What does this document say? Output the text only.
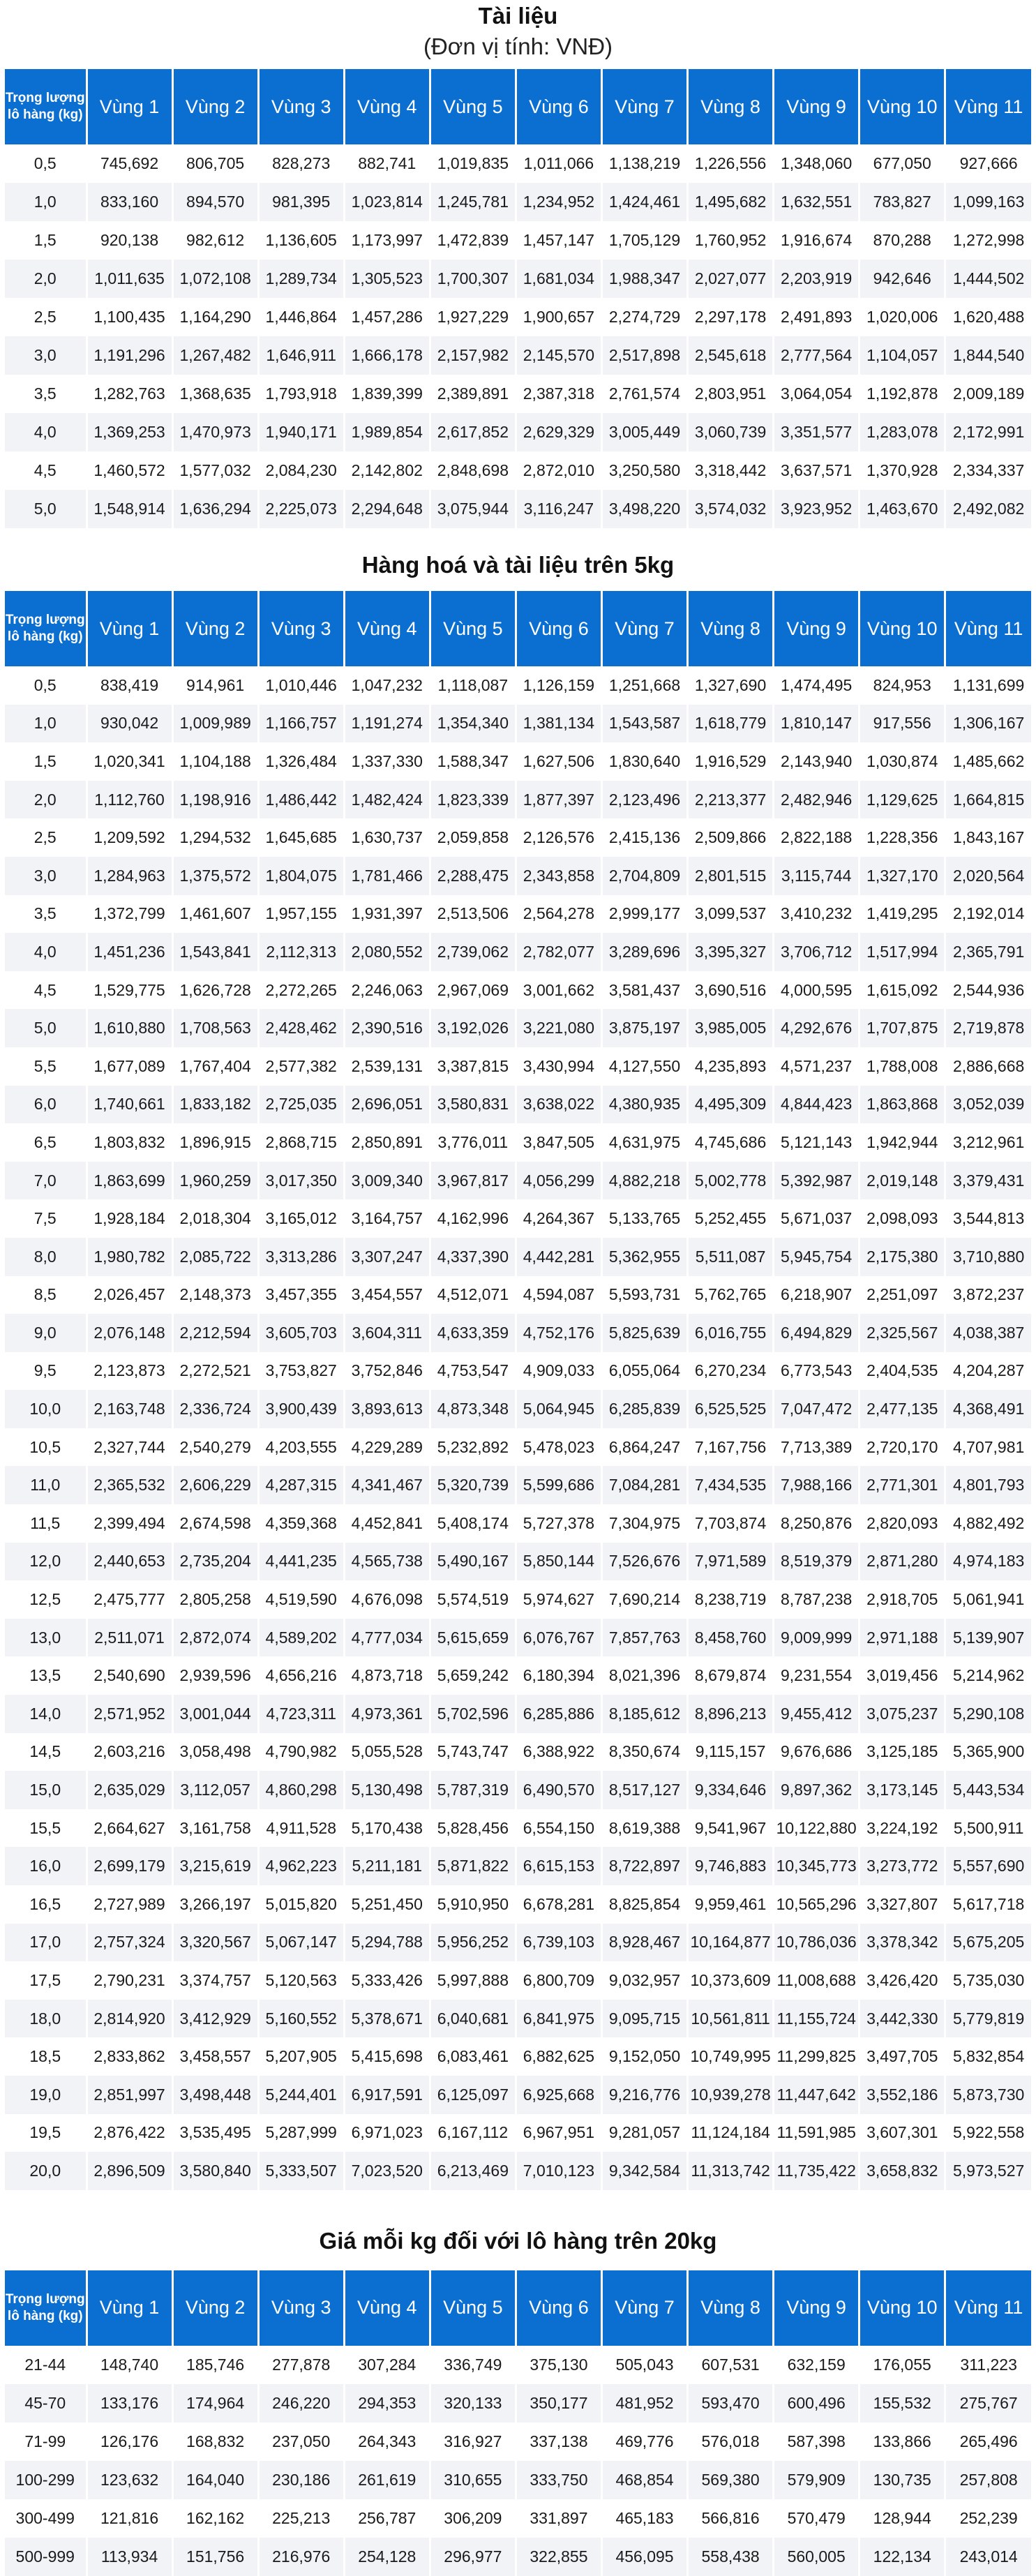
Tài liệu

(Đơn vị tính: VNĐ)

Trọng lượng lô hàng (kg)	Vùng 1	Vùng 2	Vùng 3	Vùng 4	Vùng 5	Vùng 6	Vùng 7	Vùng 8	Vùng 9	Vùng 10	Vùng 11
0,5	745,692	806,705	828,273	882,741	1,019,835	1,011,066	1,138,219	1,226,556	1,348,060	677,050	927,666
1,0	833,160	894,570	981,395	1,023,814	1,245,781	1,234,952	1,424,461	1,495,682	1,632,551	783,827	1,099,163
1,5	920,138	982,612	1,136,605	1,173,997	1,472,839	1,457,147	1,705,129	1,760,952	1,916,674	870,288	1,272,998
2,0	1,011,635	1,072,108	1,289,734	1,305,523	1,700,307	1,681,034	1,988,347	2,027,077	2,203,919	942,646	1,444,502
2,5	1,100,435	1,164,290	1,446,864	1,457,286	1,927,229	1,900,657	2,274,729	2,297,178	2,491,893	1,020,006	1,620,488
3,0	1,191,296	1,267,482	1,646,911	1,666,178	2,157,982	2,145,570	2,517,898	2,545,618	2,777,564	1,104,057	1,844,540
3,5	1,282,763	1,368,635	1,793,918	1,839,399	2,389,891	2,387,318	2,761,574	2,803,951	3,064,054	1,192,878	2,009,189
4,0	1,369,253	1,470,973	1,940,171	1,989,854	2,617,852	2,629,329	3,005,449	3,060,739	3,351,577	1,283,078	2,172,991
4,5	1,460,572	1,577,032	2,084,230	2,142,802	2,848,698	2,872,010	3,250,580	3,318,442	3,637,571	1,370,928	2,334,337
5,0	1,548,914	1,636,294	2,225,073	2,294,648	3,075,944	3,116,247	3,498,220	3,574,032	3,923,952	1,463,670	2,492,082

Hàng hoá và tài liệu trên 5kg

Trọng lượng lô hàng (kg)	Vùng 1	Vùng 2	Vùng 3	Vùng 4	Vùng 5	Vùng 6	Vùng 7	Vùng 8	Vùng 9	Vùng 10	Vùng 11
0,5	838,419	914,961	1,010,446	1,047,232	1,118,087	1,126,159	1,251,668	1,327,690	1,474,495	824,953	1,131,699
1,0	930,042	1,009,989	1,166,757	1,191,274	1,354,340	1,381,134	1,543,587	1,618,779	1,810,147	917,556	1,306,167
1,5	1,020,341	1,104,188	1,326,484	1,337,330	1,588,347	1,627,506	1,830,640	1,916,529	2,143,940	1,030,874	1,485,662
2,0	1,112,760	1,198,916	1,486,442	1,482,424	1,823,339	1,877,397	2,123,496	2,213,377	2,482,946	1,129,625	1,664,815
2,5	1,209,592	1,294,532	1,645,685	1,630,737	2,059,858	2,126,576	2,415,136	2,509,866	2,822,188	1,228,356	1,843,167
3,0	1,284,963	1,375,572	1,804,075	1,781,466	2,288,475	2,343,858	2,704,809	2,801,515	3,115,744	1,327,170	2,020,564
3,5	1,372,799	1,461,607	1,957,155	1,931,397	2,513,506	2,564,278	2,999,177	3,099,537	3,410,232	1,419,295	2,192,014
4,0	1,451,236	1,543,841	2,112,313	2,080,552	2,739,062	2,782,077	3,289,696	3,395,327	3,706,712	1,517,994	2,365,791
4,5	1,529,775	1,626,728	2,272,265	2,246,063	2,967,069	3,001,662	3,581,437	3,690,516	4,000,595	1,615,092	2,544,936
5,0	1,610,880	1,708,563	2,428,462	2,390,516	3,192,026	3,221,080	3,875,197	3,985,005	4,292,676	1,707,875	2,719,878
5,5	1,677,089	1,767,404	2,577,382	2,539,131	3,387,815	3,430,994	4,127,550	4,235,893	4,571,237	1,788,008	2,886,668
6,0	1,740,661	1,833,182	2,725,035	2,696,051	3,580,831	3,638,022	4,380,935	4,495,309	4,844,423	1,863,868	3,052,039
6,5	1,803,832	1,896,915	2,868,715	2,850,891	3,776,011	3,847,505	4,631,975	4,745,686	5,121,143	1,942,944	3,212,961
7,0	1,863,699	1,960,259	3,017,350	3,009,340	3,967,817	4,056,299	4,882,218	5,002,778	5,392,987	2,019,148	3,379,431
7,5	1,928,184	2,018,304	3,165,012	3,164,757	4,162,996	4,264,367	5,133,765	5,252,455	5,671,037	2,098,093	3,544,813
8,0	1,980,782	2,085,722	3,313,286	3,307,247	4,337,390	4,442,281	5,362,955	5,511,087	5,945,754	2,175,380	3,710,880
8,5	2,026,457	2,148,373	3,457,355	3,454,557	4,512,071	4,594,087	5,593,731	5,762,765	6,218,907	2,251,097	3,872,237
9,0	2,076,148	2,212,594	3,605,703	3,604,311	4,633,359	4,752,176	5,825,639	6,016,755	6,494,829	2,325,567	4,038,387
9,5	2,123,873	2,272,521	3,753,827	3,752,846	4,753,547	4,909,033	6,055,064	6,270,234	6,773,543	2,404,535	4,204,287
10,0	2,163,748	2,336,724	3,900,439	3,893,613	4,873,348	5,064,945	6,285,839	6,525,525	7,047,472	2,477,135	4,368,491
10,5	2,327,744	2,540,279	4,203,555	4,229,289	5,232,892	5,478,023	6,864,247	7,167,756	7,713,389	2,720,170	4,707,981
11,0	2,365,532	2,606,229	4,287,315	4,341,467	5,320,739	5,599,686	7,084,281	7,434,535	7,988,166	2,771,301	4,801,793
11,5	2,399,494	2,674,598	4,359,368	4,452,841	5,408,174	5,727,378	7,304,975	7,703,874	8,250,876	2,820,093	4,882,492
12,0	2,440,653	2,735,204	4,441,235	4,565,738	5,490,167	5,850,144	7,526,676	7,971,589	8,519,379	2,871,280	4,974,183
12,5	2,475,777	2,805,258	4,519,590	4,676,098	5,574,519	5,974,627	7,690,214	8,238,719	8,787,238	2,918,705	5,061,941
13,0	2,511,071	2,872,074	4,589,202	4,777,034	5,615,659	6,076,767	7,857,763	8,458,760	9,009,999	2,971,188	5,139,907
13,5	2,540,690	2,939,596	4,656,216	4,873,718	5,659,242	6,180,394	8,021,396	8,679,874	9,231,554	3,019,456	5,214,962
14,0	2,571,952	3,001,044	4,723,311	4,973,361	5,702,596	6,285,886	8,185,612	8,896,213	9,455,412	3,075,237	5,290,108
14,5	2,603,216	3,058,498	4,790,982	5,055,528	5,743,747	6,388,922	8,350,674	9,115,157	9,676,686	3,125,185	5,365,900
15,0	2,635,029	3,112,057	4,860,298	5,130,498	5,787,319	6,490,570	8,517,127	9,334,646	9,897,362	3,173,145	5,443,534
15,5	2,664,627	3,161,758	4,911,528	5,170,438	5,828,456	6,554,150	8,619,388	9,541,967	10,122,880	3,224,192	5,500,911
16,0	2,699,179	3,215,619	4,962,223	5,211,181	5,871,822	6,615,153	8,722,897	9,746,883	10,345,773	3,273,772	5,557,690
16,5	2,727,989	3,266,197	5,015,820	5,251,450	5,910,950	6,678,281	8,825,854	9,959,461	10,565,296	3,327,807	5,617,718
17,0	2,757,324	3,320,567	5,067,147	5,294,788	5,956,252	6,739,103	8,928,467	10,164,877	10,786,036	3,378,342	5,675,205
17,5	2,790,231	3,374,757	5,120,563	5,333,426	5,997,888	6,800,709	9,032,957	10,373,609	11,008,688	3,426,420	5,735,030
18,0	2,814,920	3,412,929	5,160,552	5,378,671	6,040,681	6,841,975	9,095,715	10,561,811	11,155,724	3,442,330	5,779,819
18,5	2,833,862	3,458,557	5,207,905	5,415,698	6,083,461	6,882,625	9,152,050	10,749,995	11,299,825	3,497,705	5,832,854
19,0	2,851,997	3,498,448	5,244,401	6,917,591	6,125,097	6,925,668	9,216,776	10,939,278	11,447,642	3,552,186	5,873,730
19,5	2,876,422	3,535,495	5,287,999	6,971,023	6,167,112	6,967,951	9,281,057	11,124,184	11,591,985	3,607,301	5,922,558
20,0	2,896,509	3,580,840	5,333,507	7,023,520	6,213,469	7,010,123	9,342,584	11,313,742	11,735,422	3,658,832	5,973,527

Giá mỗi kg đối với lô hàng trên 20kg

Trọng lượng lô hàng (kg)	Vùng 1	Vùng 2	Vùng 3	Vùng 4	Vùng 5	Vùng 6	Vùng 7	Vùng 8	Vùng 9	Vùng 10	Vùng 11
21-44	148,740	185,746	277,878	307,284	336,749	375,130	505,043	607,531	632,159	176,055	311,223
45-70	133,176	174,964	246,220	294,353	320,133	350,177	481,952	593,470	600,496	155,532	275,767
71-99	126,176	168,832	237,050	264,343	316,927	337,138	469,776	576,018	587,398	133,866	265,496
100-299	123,632	164,040	230,186	261,619	310,655	333,750	468,854	569,380	579,909	130,735	257,808
300-499	121,816	162,162	225,213	256,787	306,209	331,897	465,183	566,816	570,479	128,944	252,239
500-999	113,934	151,756	216,976	254,128	296,977	322,855	456,095	558,438	560,005	122,134	243,014
